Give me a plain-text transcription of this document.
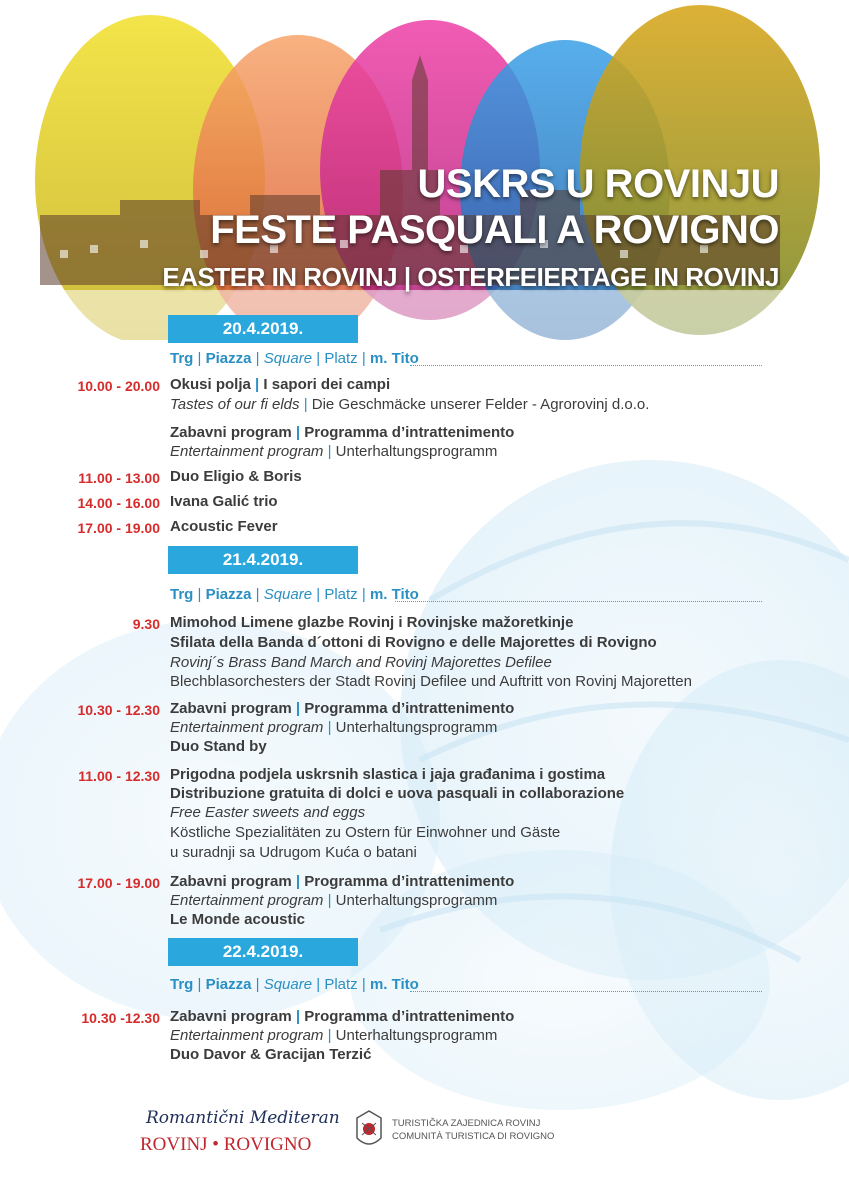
USKRS U ROVINJU
FESTE PASQUALI A ROVIGNO
EASTER IN ROVINJ | OSTERFEIERTAGE IN ROVINJ
20.4.2019.
Trg | Piazza | Square | Platz | m. Tito
10.00 - 20.00 Okusi polja | I sapori dei campi
Tastes of our fi elds | Die Geschmäcke unserer Felder - Agrorovinj d.o.o.
Zabavni program | Programma d’intrattenimento
Entertainment program | Unterhaltungsprogramm
11.00 - 13.00 Duo Eligio & Boris
14.00 - 16.00 Ivana Galić trio
17.00 - 19.00 Acoustic Fever
21.4.2019.
Trg | Piazza | Square | Platz | m. Tito
9.30 Mimohod Limene glazbe Rovinj i Rovinjske mažoretkinje
Sfilata della Banda d´ottoni di Rovigno e delle Majorettes di Rovigno
Rovinj´s Brass Band March and Rovinj Majorettes Defilee
Blechblasorchesters der Stadt Rovinj Defilee und Auftritt von Rovinj Majoretten
10.30 - 12.30 Zabavni program | Programma d’intrattenimento
Entertainment program | Unterhaltungsprogramm
Duo Stand by
11.00 - 12.30 Prigodna podjela uskrsnih slastica i jaja građanima i gostima
Distribuzione gratuita di dolci e uova pasquali in collaborazione
Free Easter sweets and eggs
Köstliche Spezialitäten zu Ostern für Einwohner und Gäste
u suradnji sa Udrugom Kuća o batani
17.00 - 19.00 Zabavni program | Programma d’intrattenimento
Entertainment program | Unterhaltungsprogramm
Le Monde acoustic
22.4.2019.
Trg | Piazza | Square | Platz | m. Tito
10.30 -12.30 Zabavni program | Programma d’intrattenimento
Entertainment program | Unterhaltungsprogramm
Duo Davor & Gracijan Terzić
Romantični Mediteran
ROVINJ • ROVIGNO
TURISTIČKA ZAJEDNICA ROVINJ
COMUNITÀ TURISTICA DI ROVIGNO
